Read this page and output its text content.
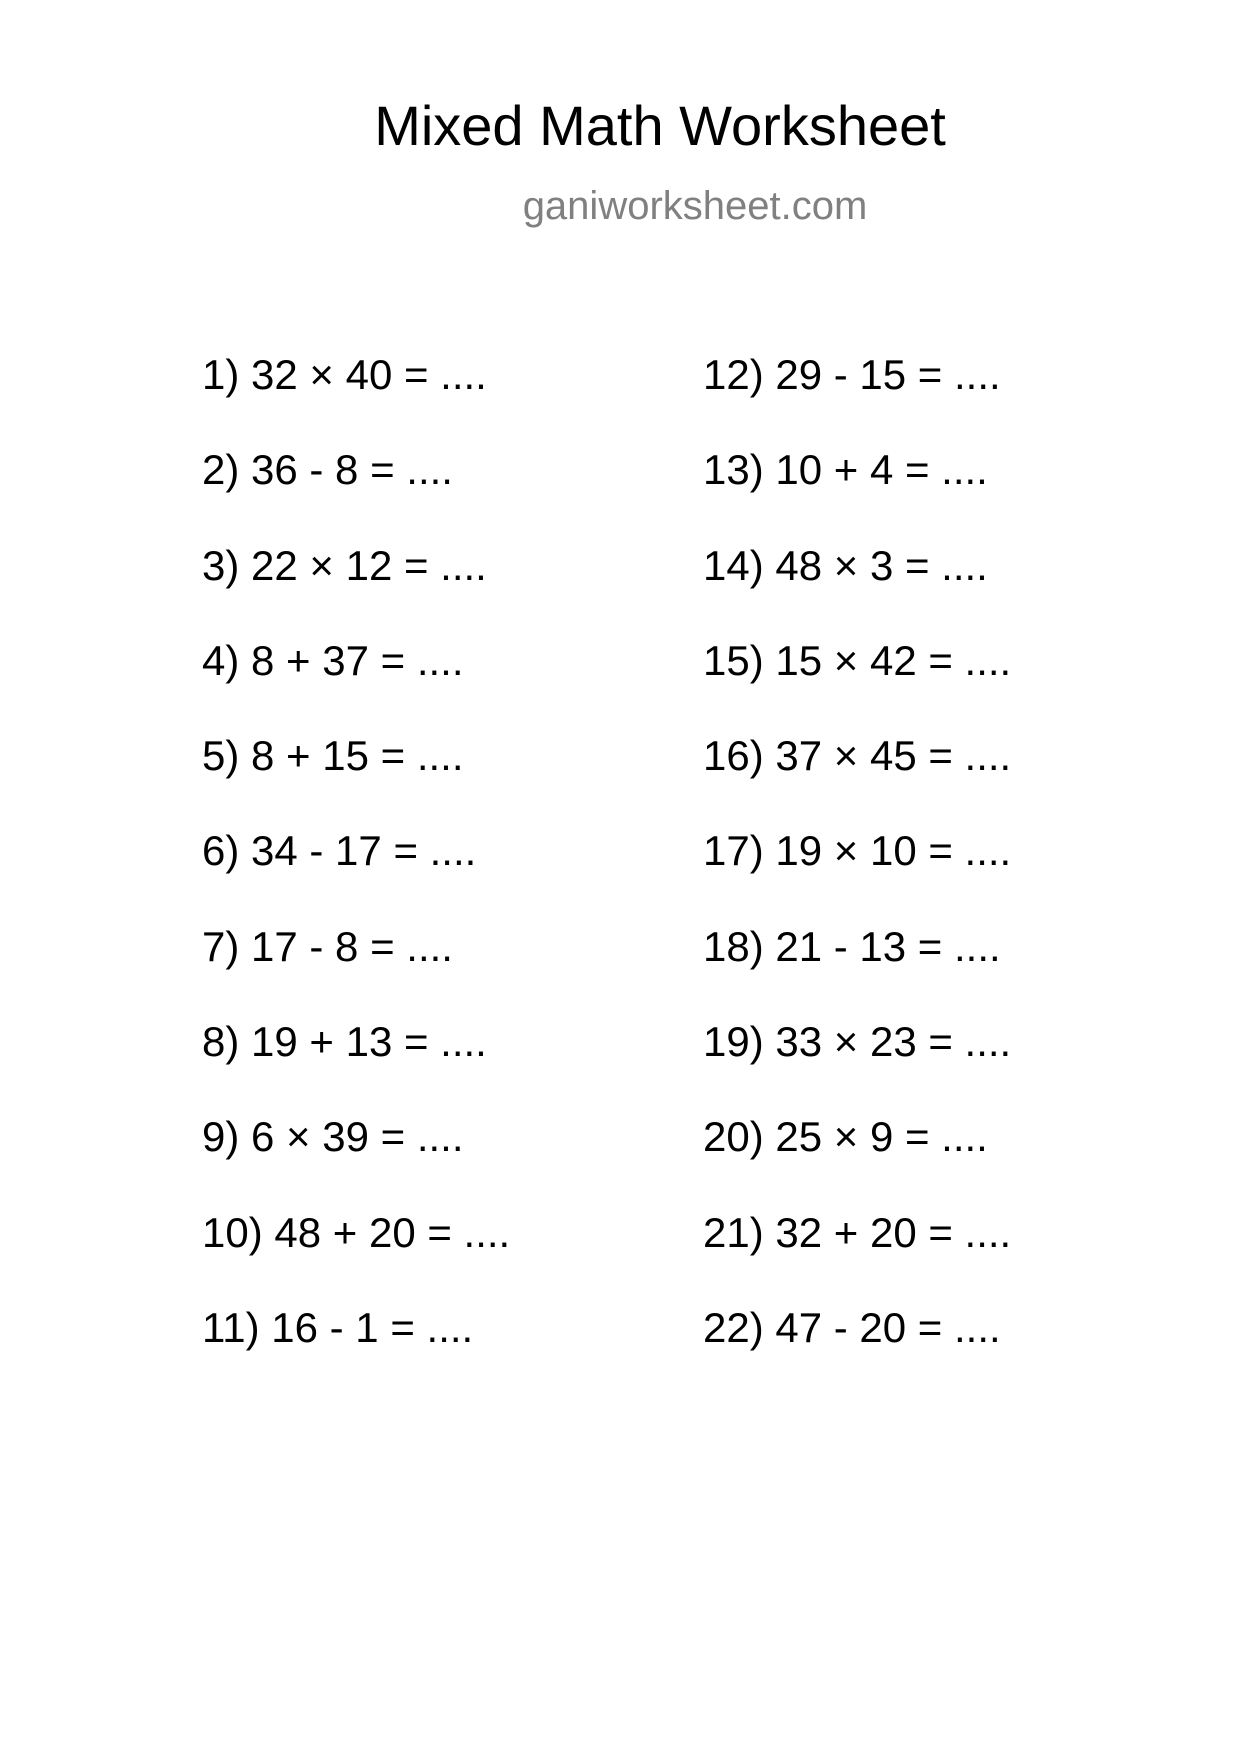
Mixed Math Worksheet
ganiworksheet.com
1) 32 × 40 = ....
2) 36 - 8 = ....
3) 22 × 12 = ....
4) 8 + 37 = ....
5) 8 + 15 = ....
6) 34 - 17 = ....
7) 17 - 8 = ....
8) 19 + 13 = ....
9) 6 × 39 = ....
10) 48 + 20 = ....
11) 16 - 1 = ....
12) 29 - 15 = ....
13) 10 + 4 = ....
14) 48 × 3 = ....
15) 15 × 42 = ....
16) 37 × 45 = ....
17) 19 × 10 = ....
18) 21 - 13 = ....
19) 33 × 23 = ....
20) 25 × 9 = ....
21) 32 + 20 = ....
22) 47 - 20 = ....
